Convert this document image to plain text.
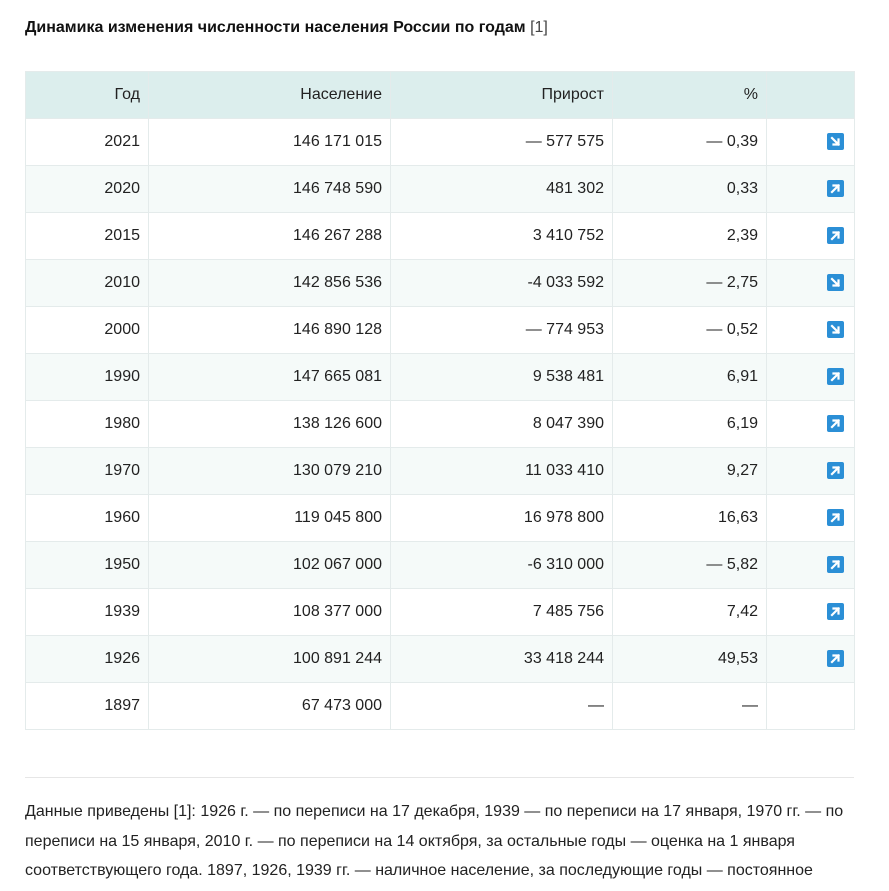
Динамика изменения численности населения России по годам [1]
Год	Население	Прирост	%	
2021	146 171 015	— 577 575	— 0,39	

2020	146 748 590	481 302	0,33	

2015	146 267 288	3 410 752	2,39	

2010	142 856 536	-4 033 592	— 2,75	

2000	146 890 128	— 774 953	— 0,52	

1990	147 665 081	9 538 481	6,91	

1980	138 126 600	8 047 390	6,19	

1970	130 079 210	11 033 410	9,27	

1960	119 045 800	16 978 800	16,63	

1950	102 067 000	-6 310 000	— 5,82	

1939	108 377 000	7 485 756	7,42	

1926	100 891 244	33 418 244	49,53	

1897	67 473 000	—	—	
Данные приведены [1]: 1926 г. — по переписи на 17 декабря, 1939 — по переписи на 17 января, 1970 гг. — по переписи на 15 января, 2010 г. — по переписи на 14 октября, за остальные годы — оценка на 1 января соответствующего года. 1897, 1926, 1939 гг. — наличное население, за последующие годы — постоянное
